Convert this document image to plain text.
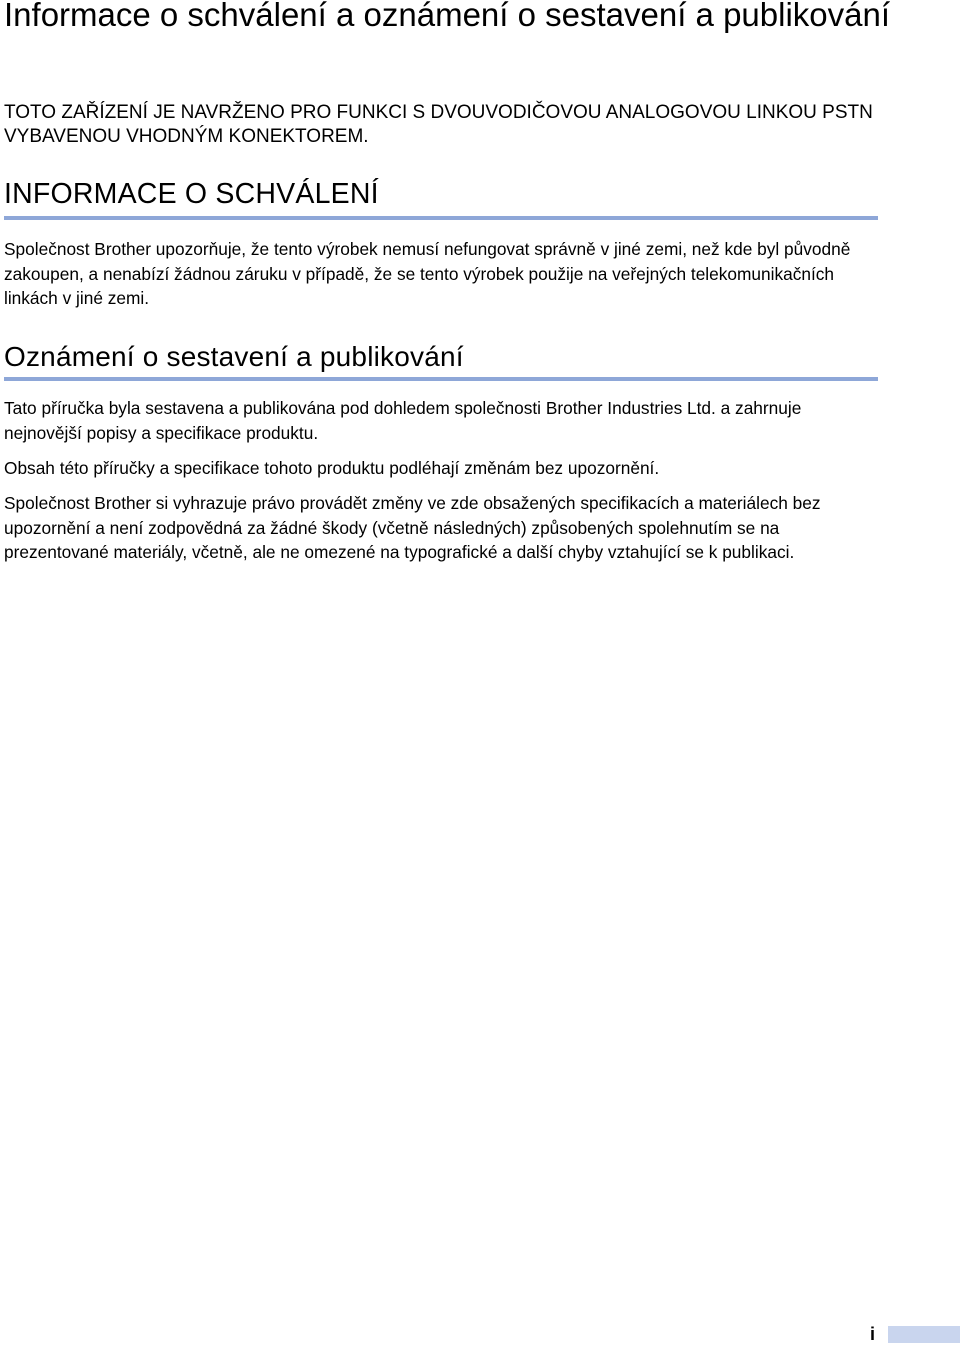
Informace o schválení a oznámení o sestavení a publikování

TOTO ZAŘÍZENÍ JE NAVRŽENO PRO FUNKCI S DVOUVODIČOVOU ANALOGOVOU LINKOU PSTN VYBAVENOU VHODNÝM KONEKTOREM.

INFORMACE O SCHVÁLENÍ

Společnost Brother upozorňuje, že tento výrobek nemusí nefungovat správně v jiné zemi, než kde byl původně zakoupen, a nenabízí žádnou záruku v případě, že se tento výrobek použije na veřejných telekomunikačních linkách v jiné zemi.

Oznámení o sestavení a publikování

Tato příručka byla sestavena a publikována pod dohledem společnosti Brother Industries Ltd. a zahrnuje nejnovější popisy a specifikace produktu.

Obsah této příručky a specifikace tohoto produktu podléhají změnám bez upozornění.

Společnost Brother si vyhrazuje právo provádět změny ve zde obsažených specifikacích a materiálech bez upozornění a není zodpovědná za žádné škody (včetně následných) způsobených spolehnutím se na prezentované materiály, včetně, ale ne omezené na typografické a další chyby vztahující se k publikaci.

i
